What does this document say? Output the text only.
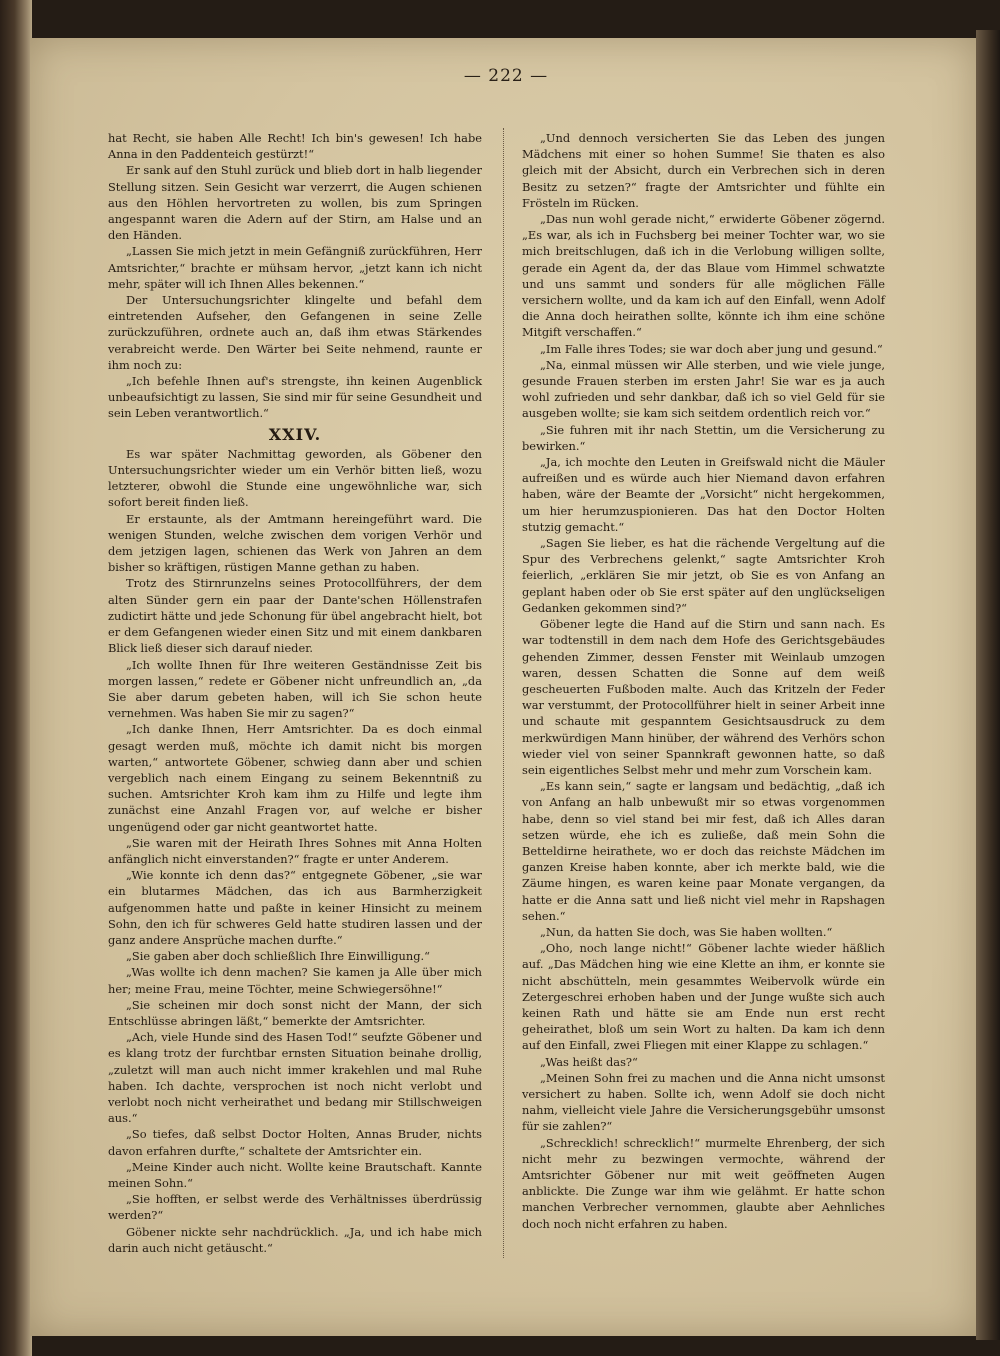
— 222 —

hat Recht, sie haben Alle Recht! Ich bin's gewesen! Ich habe Anna in den Paddenteich gestürzt!“

Er sank auf den Stuhl zurück und blieb dort in halb liegender Stellung sitzen. Sein Gesicht war verzerrt, die Augen schienen aus den Höhlen hervortreten zu wollen, bis zum Springen angespannt waren die Adern auf der Stirn, am Halse und an den Händen.

„Lassen Sie mich jetzt in mein Gefängniß zurückführen, Herr Amtsrichter,“ brachte er mühsam hervor, „jetzt kann ich nicht mehr, später will ich Ihnen Alles bekennen.“

Der Untersuchungsrichter klingelte und befahl dem eintretenden Aufseher, den Gefangenen in seine Zelle zurückzuführen, ordnete auch an, daß ihm etwas Stärkendes verabreicht werde. Den Wärter bei Seite nehmend, raunte er ihm noch zu:

„Ich befehle Ihnen auf's strengste, ihn keinen Augenblick unbeaufsichtigt zu lassen, Sie sind mir für seine Gesundheit und sein Leben verantwortlich.“

XXIV.

Es war später Nachmittag geworden, als Göbener den Untersuchungsrichter wieder um ein Verhör bitten ließ, wozu letzterer, obwohl die Stunde eine ungewöhnliche war, sich sofort bereit finden ließ.

Er erstaunte, als der Amtmann hereingeführt ward. Die wenigen Stunden, welche zwischen dem vorigen Verhör und dem jetzigen lagen, schienen das Werk von Jahren an dem bisher so kräftigen, rüstigen Manne gethan zu haben.

Trotz des Stirnrunzelns seines Protocollführers, der dem alten Sünder gern ein paar der Dante'schen Höllenstrafen zudictirt hätte und jede Schonung für übel angebracht hielt, bot er dem Gefangenen wieder einen Sitz und mit einem dankbaren Blick ließ dieser sich darauf nieder.

„Ich wollte Ihnen für Ihre weiteren Geständnisse Zeit bis morgen lassen,“ redete er Göbener nicht unfreundlich an, „da Sie aber darum gebeten haben, will ich Sie schon heute vernehmen. Was haben Sie mir zu sagen?“

„Ich danke Ihnen, Herr Amtsrichter. Da es doch einmal gesagt werden muß, möchte ich damit nicht bis morgen warten,“ antwortete Göbener, schwieg dann aber und schien vergeblich nach einem Eingang zu seinem Bekenntniß zu suchen. Amtsrichter Kroh kam ihm zu Hilfe und legte ihm zunächst eine Anzahl Fragen vor, auf welche er bisher ungenügend oder gar nicht geantwortet hatte.

„Sie waren mit der Heirath Ihres Sohnes mit Anna Holten anfänglich nicht einverstanden?“ fragte er unter Anderem.

„Wie konnte ich denn das?“ entgegnete Göbener, „sie war ein blutarmes Mädchen, das ich aus Barmherzigkeit aufgenommen hatte und paßte in keiner Hinsicht zu meinem Sohn, den ich für schweres Geld hatte studiren lassen und der ganz andere Ansprüche machen durfte.“

„Sie gaben aber doch schließlich Ihre Einwilligung.“

„Was wollte ich denn machen? Sie kamen ja Alle über mich her; meine Frau, meine Töchter, meine Schwiegersöhne!“

„Sie scheinen mir doch sonst nicht der Mann, der sich Entschlüsse abringen läßt,“ bemerkte der Amtsrichter.

„Ach, viele Hunde sind des Hasen Tod!“ seufzte Göbener und es klang trotz der furchtbar ernsten Situation beinahe drollig, „zuletzt will man auch nicht immer krakehlen und mal Ruhe haben. Ich dachte, versprochen ist noch nicht verlobt und verlobt noch nicht verheirathet und bedang mir Stillschweigen aus.“

„So tiefes, daß selbst Doctor Holten, Annas Bruder, nichts davon erfahren durfte,“ schaltete der Amtsrichter ein.

„Meine Kinder auch nicht. Wollte keine Brautschaft. Kannte meinen Sohn.“

„Sie hofften, er selbst werde des Verhältnisses überdrüssig werden?“

Göbener nickte sehr nachdrücklich. „Ja, und ich habe mich darin auch nicht getäuscht.“

„Und dennoch versicherten Sie das Leben des jungen Mädchens mit einer so hohen Summe! Sie thaten es also gleich mit der Absicht, durch ein Verbrechen sich in deren Besitz zu setzen?“ fragte der Amtsrichter und fühlte ein Frösteln im Rücken.

„Das nun wohl gerade nicht,“ erwiderte Göbener zögernd. „Es war, als ich in Fuchsberg bei meiner Tochter war, wo sie mich breitschlugen, daß ich in die Verlobung willigen sollte, gerade ein Agent da, der das Blaue vom Himmel schwatzte und uns sammt und sonders für alle möglichen Fälle versichern wollte, und da kam ich auf den Einfall, wenn Adolf die Anna doch heirathen sollte, könnte ich ihm eine schöne Mitgift verschaffen.“

„Im Falle ihres Todes; sie war doch aber jung und gesund.“

„Na, einmal müssen wir Alle sterben, und wie viele junge, gesunde Frauen sterben im ersten Jahr! Sie war es ja auch wohl zufrieden und sehr dankbar, daß ich so viel Geld für sie ausgeben wollte; sie kam sich seitdem ordentlich reich vor.“

„Sie fuhren mit ihr nach Stettin, um die Versicherung zu bewirken.“

„Ja, ich mochte den Leuten in Greifswald nicht die Mäuler aufreißen und es würde auch hier Niemand davon erfahren haben, wäre der Beamte der „Vorsicht“ nicht hergekommen, um hier herumzuspionieren. Das hat den Doctor Holten stutzig gemacht.“

„Sagen Sie lieber, es hat die rächende Vergeltung auf die Spur des Verbrechens gelenkt,“ sagte Amtsrichter Kroh feierlich, „erklären Sie mir jetzt, ob Sie es von Anfang an geplant haben oder ob Sie erst später auf den unglückseligen Gedanken gekommen sind?“

Göbener legte die Hand auf die Stirn und sann nach. Es war todtenstill in dem nach dem Hofe des Gerichtsgebäudes gehenden Zimmer, dessen Fenster mit Weinlaub umzogen waren, dessen Schatten die Sonne auf dem weiß gescheuerten Fußboden malte. Auch das Kritzeln der Feder war verstummt, der Protocollführer hielt in seiner Arbeit inne und schaute mit gespanntem Gesichtsausdruck zu dem merkwürdigen Mann hinüber, der während des Verhörs schon wieder viel von seiner Spannkraft gewonnen hatte, so daß sein eigentliches Selbst mehr und mehr zum Vorschein kam.

„Es kann sein,“ sagte er langsam und bedächtig, „daß ich von Anfang an halb unbewußt mir so etwas vorgenommen habe, denn so viel stand bei mir fest, daß ich Alles daran setzen würde, ehe ich es zuließe, daß mein Sohn die Betteldirne heirathete, wo er doch das reichste Mädchen im ganzen Kreise haben konnte, aber ich merkte bald, wie die Zäume hingen, es waren keine paar Monate vergangen, da hatte er die Anna satt und ließ nicht viel mehr in Rapshagen sehen.“

„Nun, da hatten Sie doch, was Sie haben wollten.“

„Oho, noch lange nicht!“ Göbener lachte wieder häßlich auf. „Das Mädchen hing wie eine Klette an ihm, er konnte sie nicht abschütteln, mein gesammtes Weibervolk würde ein Zetergeschrei erhoben haben und der Junge wußte sich auch keinen Rath und hätte sie am Ende nun erst recht geheirathet, bloß um sein Wort zu halten. Da kam ich denn auf den Einfall, zwei Fliegen mit einer Klappe zu schlagen.“

„Was heißt das?“

„Meinen Sohn frei zu machen und die Anna nicht umsonst versichert zu haben. Sollte ich, wenn Adolf sie doch nicht nahm, vielleicht viele Jahre die Versicherungsgebühr umsonst für sie zahlen?“

„Schrecklich! schrecklich!“ murmelte Ehrenberg, der sich nicht mehr zu bezwingen vermochte, während der Amtsrichter Göbener nur mit weit geöffneten Augen anblickte. Die Zunge war ihm wie gelähmt. Er hatte schon manchen Verbrecher vernommen, glaubte aber Aehnliches doch noch nicht erfahren zu haben.
